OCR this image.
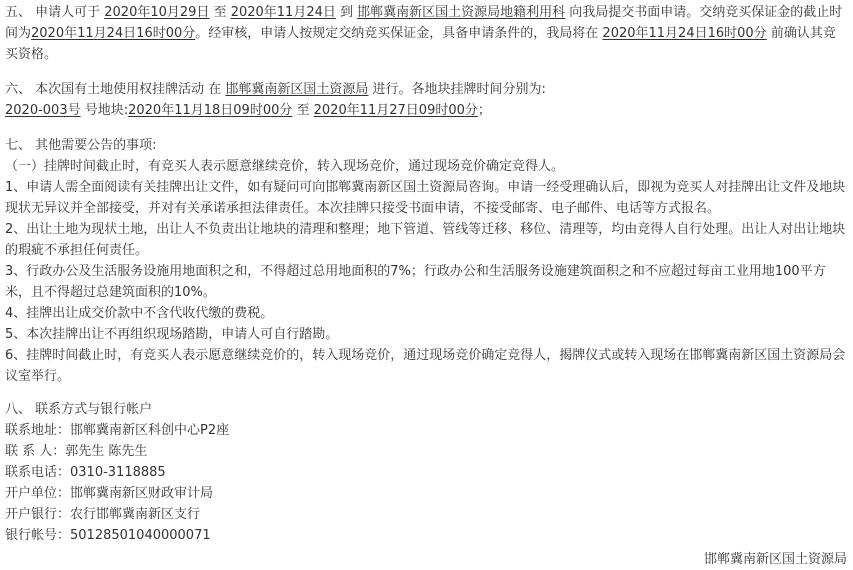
五、 申请人可于 2020年10月29日 至 2020年11月24日 到 邯郸冀南新区国土资源局地籍利用科 向我局提交书面申请。交纳竞买保证金的截止时间为2020年11月24日16时00分。经审核，申请人按规定交纳竞买保证金，具备申请条件的，我局将在 2020年11月24日16时00分 前确认其竞买资格。

六、 本次国有土地使用权挂牌活动 在 邯郸冀南新区国土资源局 进行。各地块挂牌时间分别为:

2020-003号 号地块:2020年11月18日09时00分 至 2020年11月27日09时00分；

七、 其他需要公告的事项:

（一）挂牌时间截止时，有竞买人表示愿意继续竞价，转入现场竞价，通过现场竞价确定竞得人。

1、申请人需全面阅读有关挂牌出让文件，如有疑问可向邯郸冀南新区国土资源局咨询。申请一经受理确认后，即视为竞买人对挂牌出让文件及地块现状无异议并全部接受，并对有关承诺承担法律责任。本次挂牌只接受书面申请，不接受邮寄、电子邮件、电话等方式报名。

2、出让土地为现状土地，出让人不负责出让地块的清理和整理；地下管道、管线等迁移、移位、清理等，均由竞得人自行处理。出让人对出让地块的瑕疵不承担任何责任。

3、行政办公及生活服务设施用地面积之和，不得超过总用地面积的7%；行政办公和生活服务设施建筑面积之和不应超过每亩工业用地100平方米，且不得超过总建筑面积的10%。

4、挂牌出让成交价款中不含代收代缴的费税。

5、本次挂牌出让不再组织现场踏勘，申请人可自行踏勘。

6、挂牌时间截止时，有竞买人表示愿意继续竞价的，转入现场竞价，通过现场竞价确定竞得人，揭牌仪式或转入现场在邯郸冀南新区国土资源局会议室举行。

八、 联系方式与银行帐户

联系地址：邯郸冀南新区科创中心P2座

联 系 人：郭先生 陈先生

联系电话：0310-3118885

开户单位：邯郸冀南新区财政审计局

开户银行：农行邯郸冀南新区支行

银行帐号：50128501040000071

邯郸冀南新区国土资源局
